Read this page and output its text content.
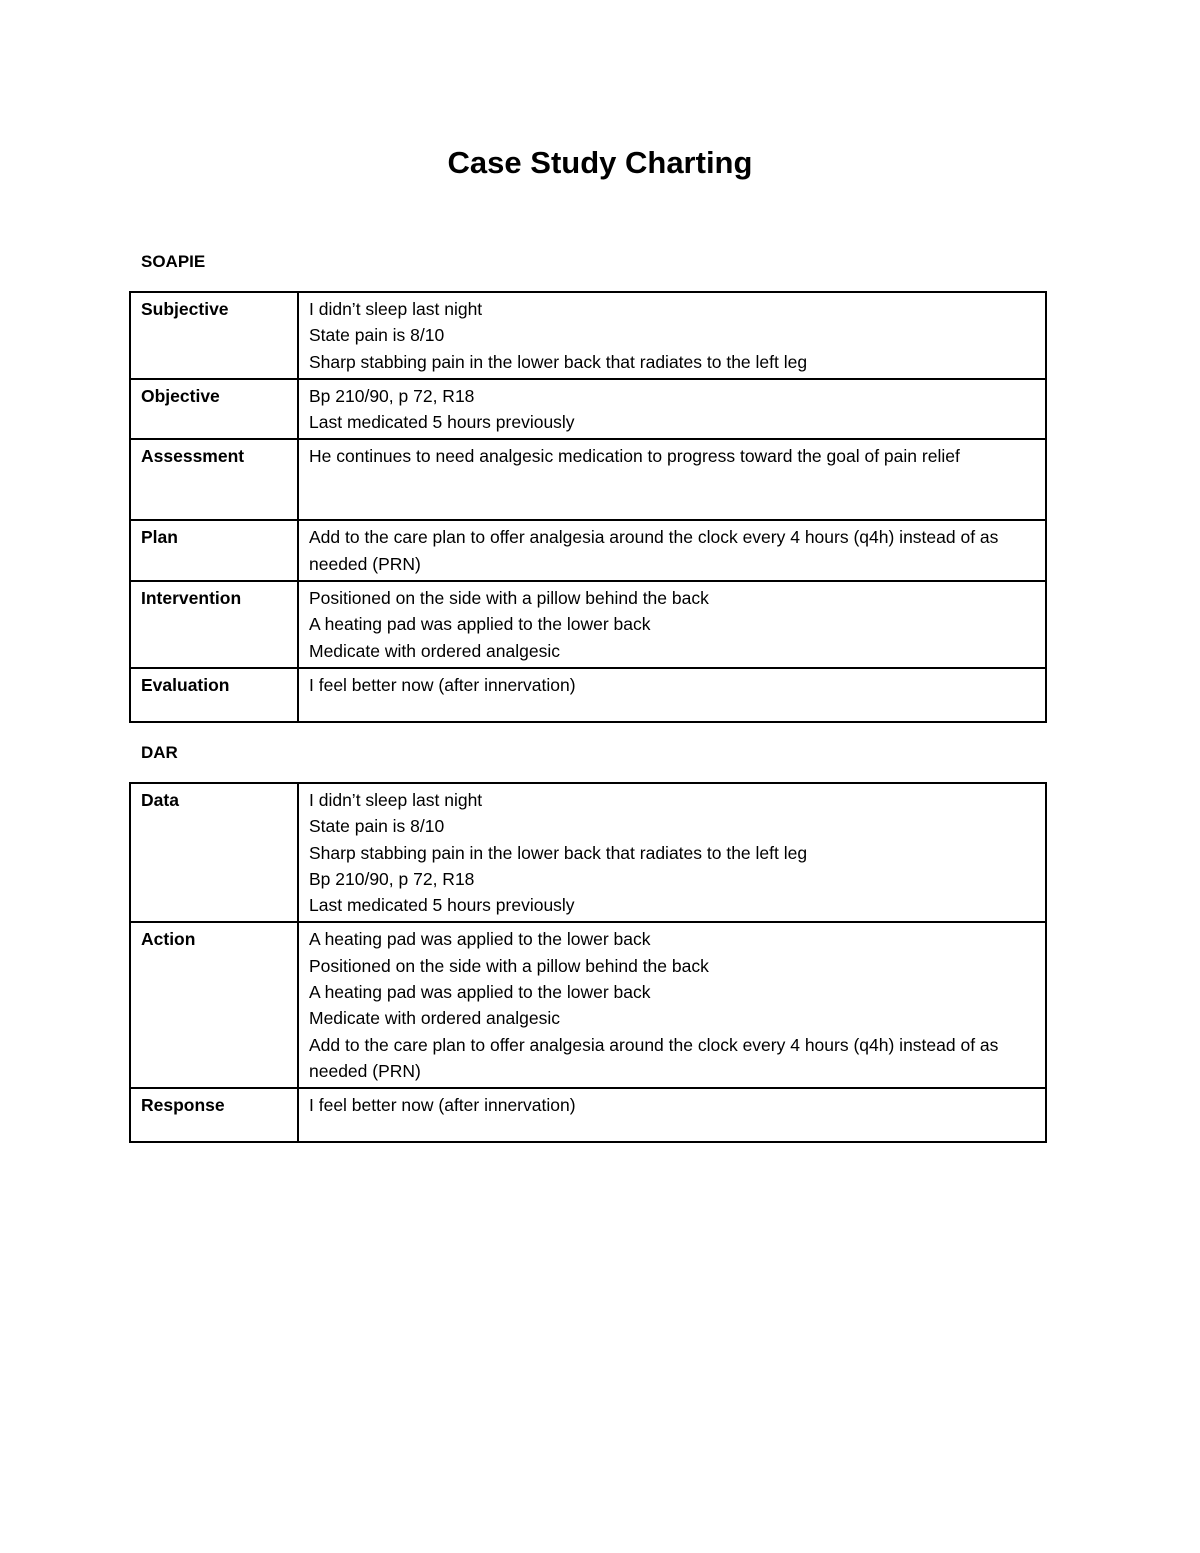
Case Study Charting

SOAPIE

Subjective	I didn’t sleep last night
State pain is 8/10
Sharp stabbing pain in the lower back that radiates to the left leg

Objective	Bp 210/90, p 72, R18
Last medicated 5 hours previously

Assessment	He continues to need analgesic medication to progress toward the goal of pain relief

Plan	Add to the care plan to offer analgesia around the clock every 4 hours (q4h) instead of as needed (PRN)

Intervention	Positioned on the side with a pillow behind the back
A heating pad was applied to the lower back
Medicate with ordered analgesic

Evaluation	I feel better now (after innervation)

DAR

Data	I didn’t sleep last night
State pain is 8/10
Sharp stabbing pain in the lower back that radiates to the left leg
Bp 210/90, p 72, R18
Last medicated 5 hours previously

Action	A heating pad was applied to the lower back
Positioned on the side with a pillow behind the back
A heating pad was applied to the lower back
Medicate with ordered analgesic
Add to the care plan to offer analgesia around the clock every 4 hours (q4h) instead of as needed (PRN)

Response	I feel better now (after innervation)
